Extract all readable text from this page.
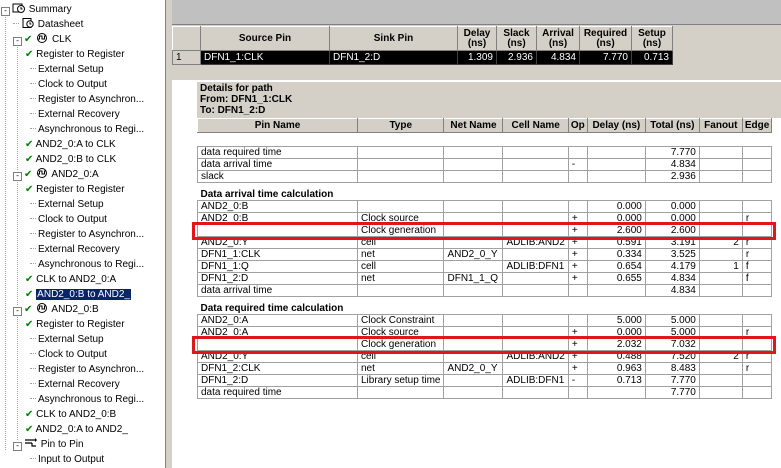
- Summary
Datasheet
- ✔ CLK
✔ Register to Register
External Setup
Clock to Output
Register to Asynchron...
External Recovery
Asynchronous to Regi...
✔ AND2_0:A to CLK
✔ AND2_0:B to CLK
- ✔ AND2_0:A
✔ Register to Register
External Setup
Clock to Output
Register to Asynchron...
External Recovery
Asynchronous to Regi...
✔ CLK to AND2_0:A
✔ AND2_0:B to AND2_
- ✔ AND2_0:B
✔ Register to Register
External Setup
Clock to Output
Register to Asynchron...
External Recovery
Asynchronous to Regi...
✔ CLK to AND2_0:B
✔ AND2_0:A to AND2_
- Pin to Pin
Input to Output
	Source Pin	Sink Pin	Delay (ns)	Slack (ns)	Arrival (ns)	Required (ns)	Setup (ns)
1	DFN1_1:CLK	DFN1_2:D	1.309	2.936	4.834	7.770	0.713
Details for path
From: DFN1_1:CLK
To: DFN1_2:D
Pin Name	Type	Net Name	Cell Name	Op	Delay (ns)	Total (ns)	Fanout	Edge

data required time						7.770		
data arrival time				-		4.834		
slack						2.936		
Data arrival time calculation								
AND2_0:B					0.000	0.000		
AND2_0:B	Clock source			+	0.000	0.000		r
	Clock generation			+	2.600	2.600		
AND2_0:Y	cell		ADLIB:AND2	+	0.591	3.191	2	r
DFN1_1:CLK	net	AND2_0_Y		+	0.334	3.525		r
DFN1_1:Q	cell		ADLIB:DFN1	+	0.654	4.179	1	f
DFN1_2:D	net	DFN1_1_Q		+	0.655	4.834		f
data arrival time						4.834		
Data required time calculation								
AND2_0:A	Clock Constraint				5.000	5.000		
AND2_0:A	Clock source			+	0.000	5.000		r
	Clock generation			+	2.032	7.032		
AND2_0:Y	cell		ADLIB:AND2	+	0.488	7.520	2	r
DFN1_2:CLK	net	AND2_0_Y		+	0.963	8.483		r
DFN1_2:D	Library setup time		ADLIB:DFN1	-	0.713	7.770		
data required time						7.770		
